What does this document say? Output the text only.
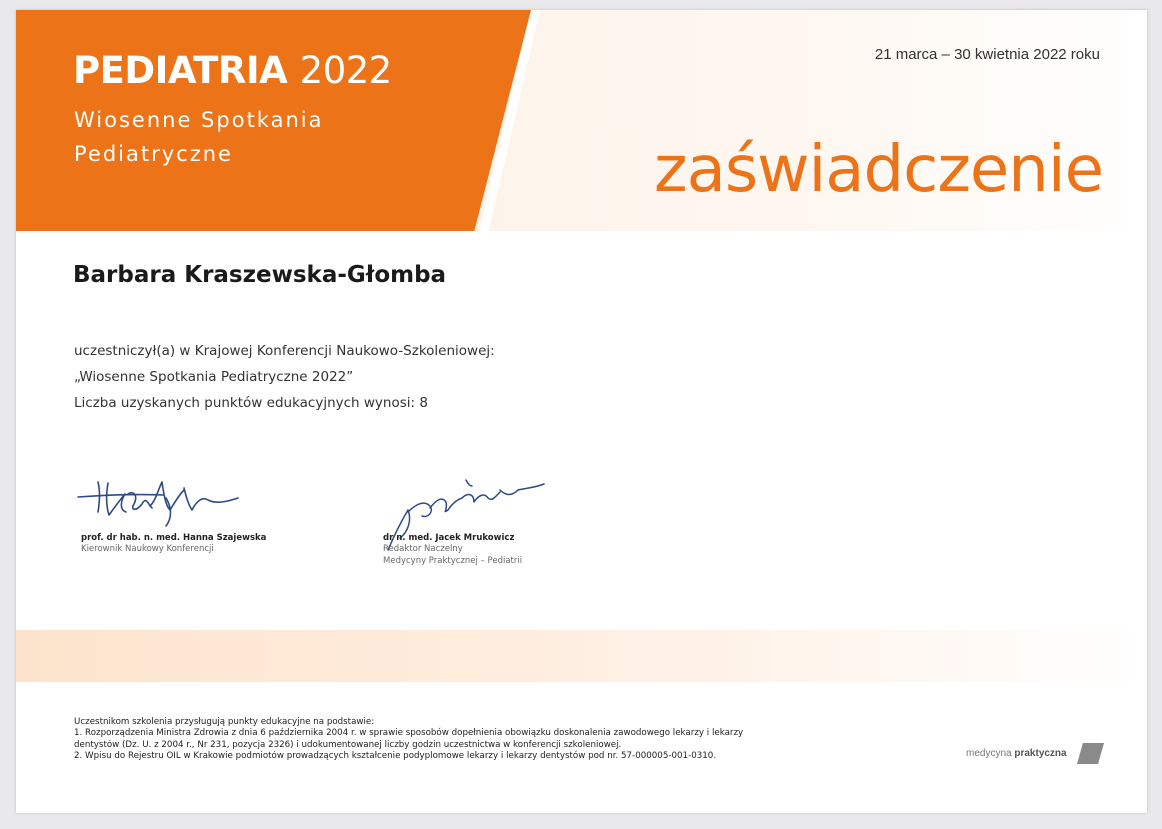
PEDIATRIA 2022
Wiosenne Spotkania
Pediatryczne
21 marca – 30 kwietnia 2022 roku
zaświadczenie
Barbara Kraszewska-Głomba
uczestniczył(a) w Krajowej Konferencji Naukowo-Szkoleniowej:
„Wiosenne Spotkania Pediatryczne 2022”
Liczba uzyskanych punktów edukacyjnych wynosi: 8
prof. dr hab. n. med. Hanna Szajewska
Kierownik Naukowy Konferencji
dr n. med. Jacek Mrukowicz
Redaktor Naczelny
Medycyny Praktycznej – Pediatrii
Uczestnikom szkolenia przysługują punkty edukacyjne na podstawie:
1. Rozporządzenia Ministra Zdrowia z dnia 6 października 2004 r. w sprawie sposobów dopełnienia obowiązku doskonalenia zawodowego lekarzy i lekarzy
dentystów (Dz. U. z 2004 r., Nr 231, pozycja 2326) i udokumentowanej liczby godzin uczestnictwa w konferencji szkoleniowej.
2. Wpisu do Rejestru OIL w Krakowie podmiotów prowadzących kształcenie podyplomowe lekarzy i lekarzy dentystów pod nr. 57-000005-001-0310.	medycyna praktyczna
